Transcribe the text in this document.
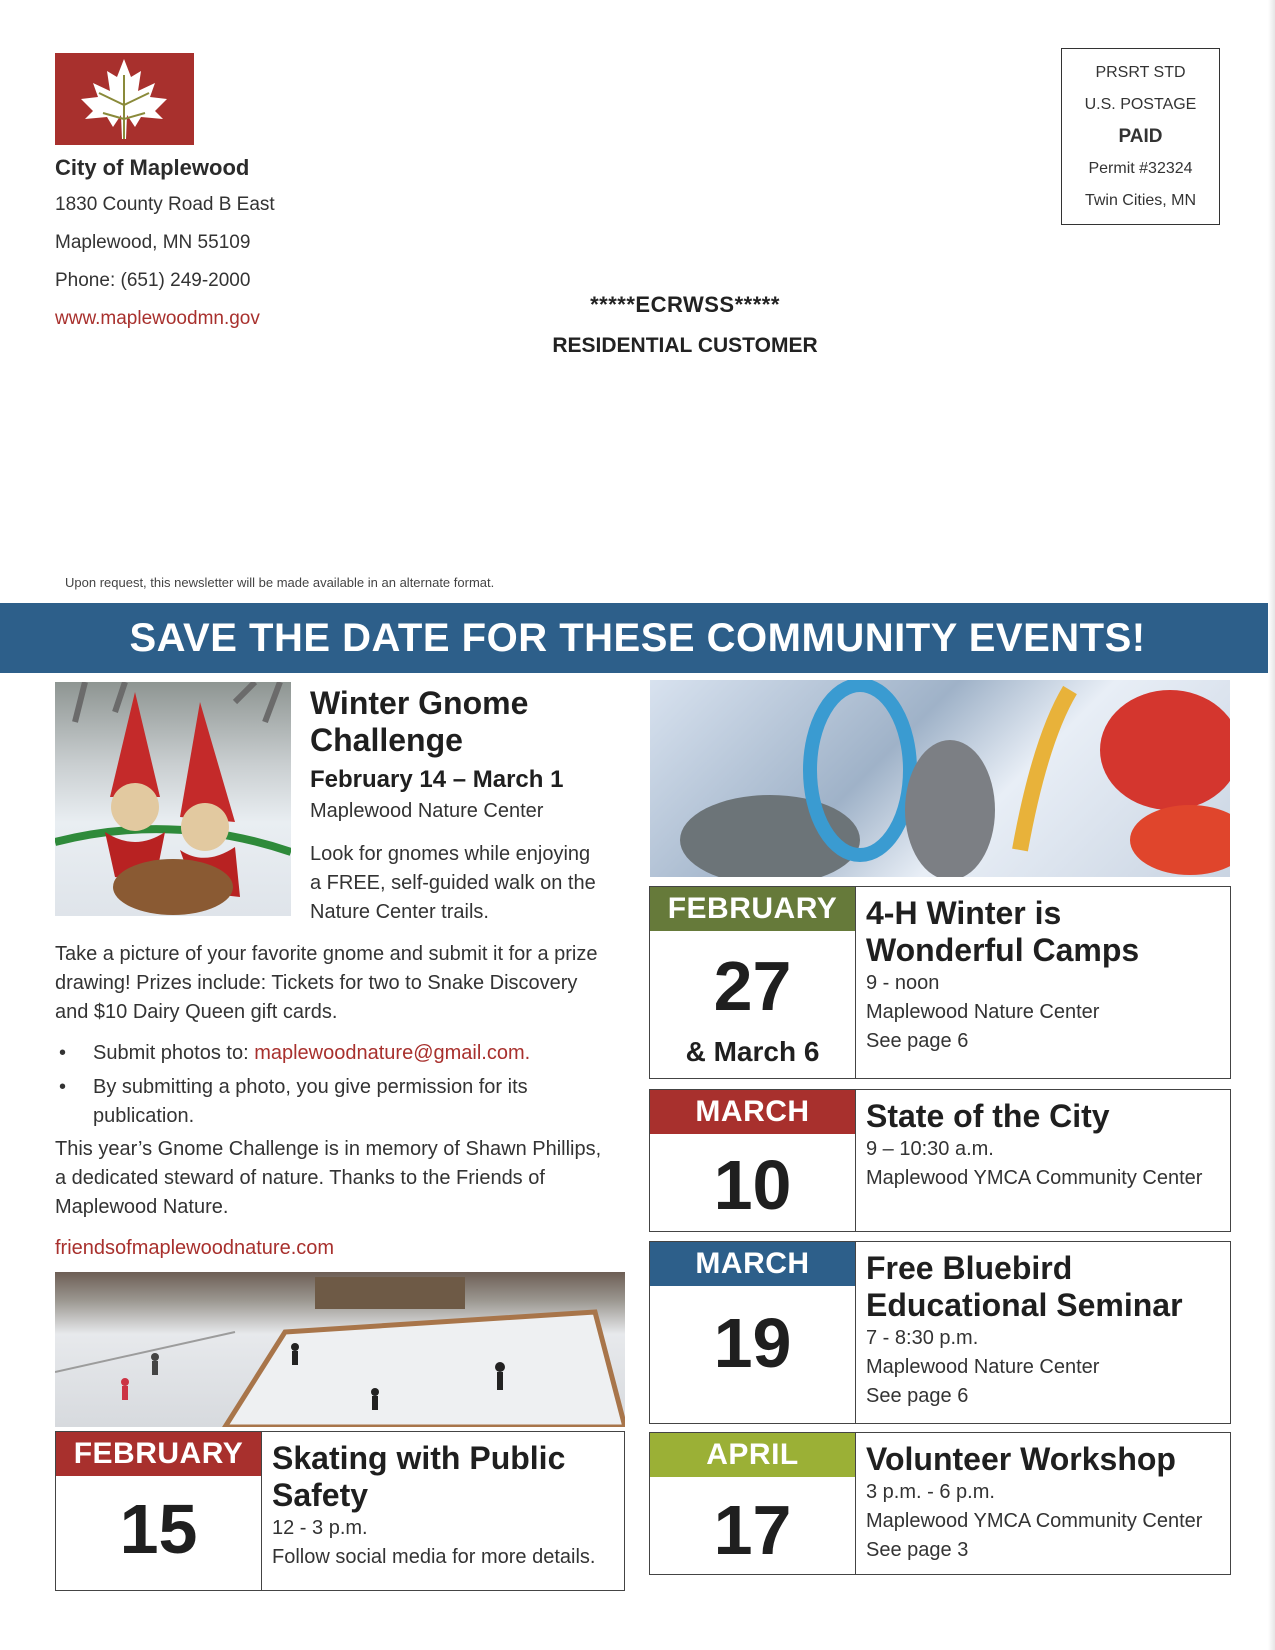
City of Maplewood
1830 County Road B East
Maplewood, MN 55109
Phone: (651) 249-2000
www.maplewoodmn.gov
PRSRT STD
U.S. POSTAGE
PAID
Permit #32324
Twin Cities, MN
*****ECRWSS*****
RESIDENTIAL CUSTOMER
Upon request, this newsletter will be made available in an alternate format.
SAVE THE DATE FOR THESE COMMUNITY EVENTS!
Winter Gnome
Challenge
February 14 – March 1
Maplewood Nature Center
Look for gnomes while enjoying
a FREE, self-guided walk on the
Nature Center trails.
Take a picture of your favorite gnome and submit it for a prize
drawing! Prizes include: Tickets for two to Snake Discovery
and $10 Dairy Queen gift cards.
• Submit photos to: maplewoodnature@gmail.com.
• By submitting a photo, you give permission for its
publication.
This year’s Gnome Challenge is in memory of Shawn Phillips,
a dedicated steward of nature. Thanks to the Friends of
Maplewood Nature.
friendsofmaplewoodnature.com
FEBRUARY
15
Skating with Public
Safety
12 - 3 p.m.
Follow social media for more details.
FEBRUARY
27
& March 6
4-H Winter is
Wonderful Camps
9 - noon
Maplewood Nature Center
See page 6
MARCH
10
State of the City
9 – 10:30 a.m.
Maplewood YMCA Community Center
MARCH
19
Free Bluebird
Educational Seminar
7 - 8:30 p.m.
Maplewood Nature Center
See page 6
APRIL
17
Volunteer Workshop
3 p.m. - 6 p.m.
Maplewood YMCA Community Center
See page 3
